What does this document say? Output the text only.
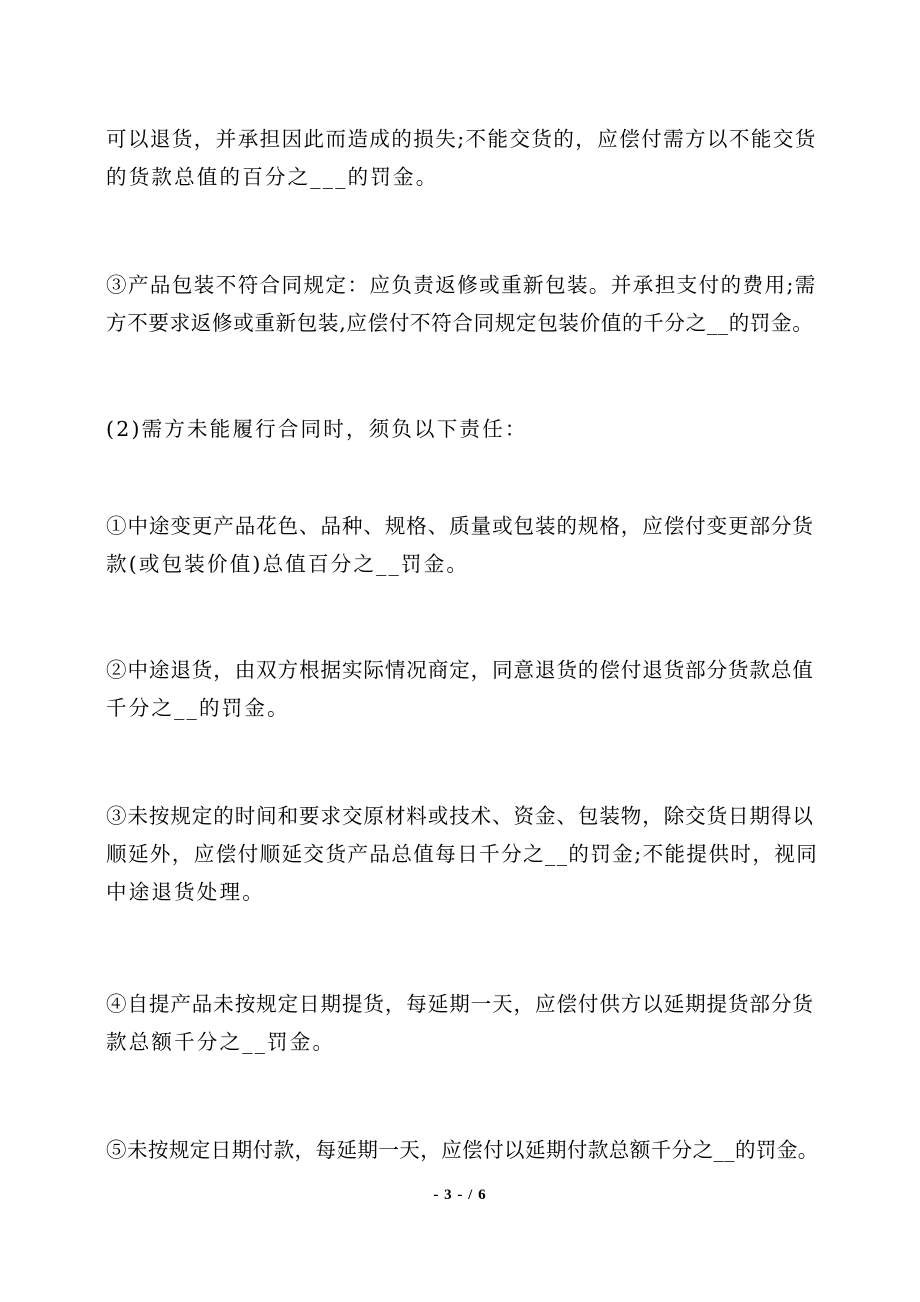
可以退货，并承担因此而造成的损失;不能交货的，应偿付需方以不能交货
的货款总值的百分之___的罚金。
③产品包装不符合同规定：应负责返修或重新包装。并承担支付的费用;需
方不要求返修或重新包装,应偿付不符合同规定包装价值的千分之__的罚金。
(2)需方未能履行合同时，须负以下责任：
①中途变更产品花色、品种、规格、质量或包装的规格，应偿付变更部分货
款(或包装价值)总值百分之__罚金。
②中途退货，由双方根据实际情况商定，同意退货的偿付退货部分货款总值
千分之__的罚金。
③未按规定的时间和要求交原材料或技术、资金、包装物，除交货日期得以
顺延外，应偿付顺延交货产品总值每日千分之__的罚金;不能提供时，视同
中途退货处理。
④自提产品未按规定日期提货，每延期一天，应偿付供方以延期提货部分货
款总额千分之__罚金。
⑤未按规定日期付款，每延期一天，应偿付以延期付款总额千分之__的罚金。
- 3 - / 6
